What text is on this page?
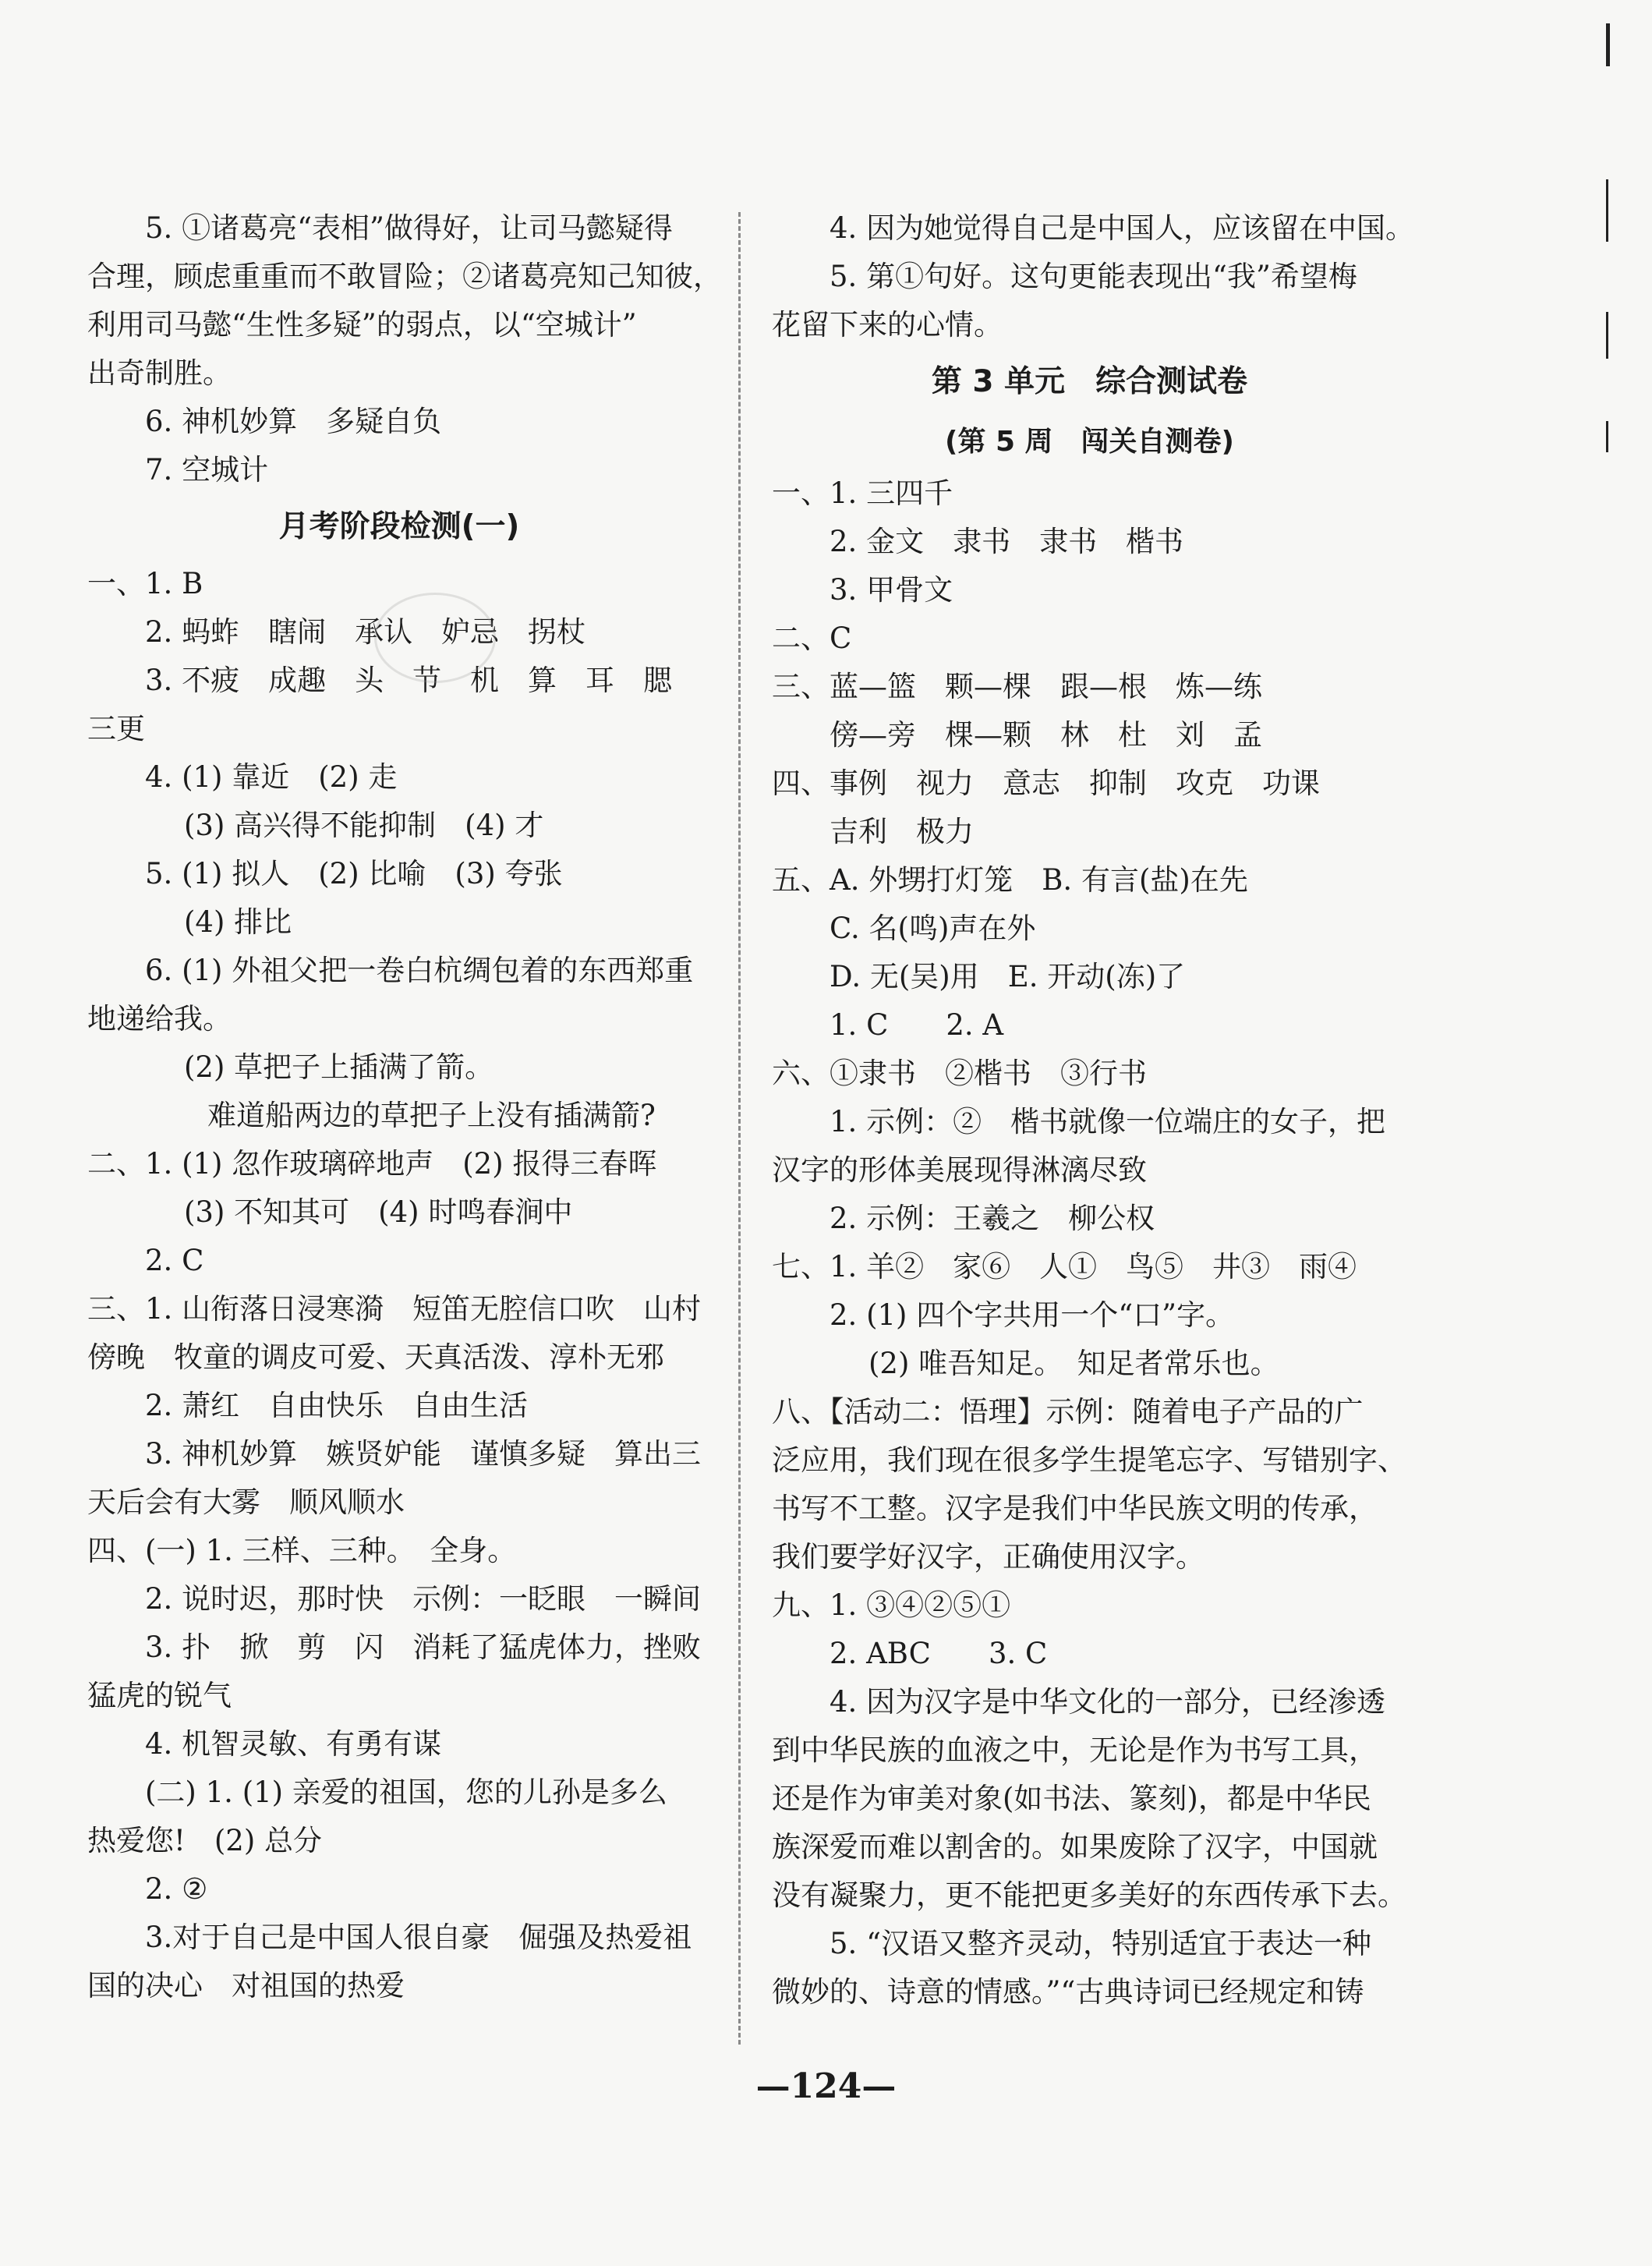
5. ①诸葛亮“表相”做得好，让司马懿疑得
合理，顾虑重重而不敢冒险；②诸葛亮知己知彼，
利用司马懿“生性多疑”的弱点，以“空城计”
出奇制胜。
6. 神机妙算　多疑自负
7. 空城计
月考阶段检测(一)
一、1. B
2. 蚂蚱　瞎闹　承认　妒忌　拐杖
3. 不疲　成趣　头　节　机　算　耳　腮
三更
4. (1) 靠近　(2) 走
(3) 高兴得不能抑制　(4) 才
5. (1) 拟人　(2) 比喻　(3) 夸张
(4) 排比
6. (1) 外祖父把一卷白杭绸包着的东西郑重
地递给我。
(2) 草把子上插满了箭。
难道船两边的草把子上没有插满箭?
二、1. (1) 忽作玻璃碎地声　(2) 报得三春晖
(3) 不知其可　(4) 时鸣春涧中
2. C
三、1. 山衔落日浸寒漪　短笛无腔信口吹　山村
傍晚　牧童的调皮可爱、天真活泼、淳朴无邪
2. 萧红　自由快乐　自由生活
3. 神机妙算　嫉贤妒能　谨慎多疑　算出三
天后会有大雾　顺风顺水
四、(一) 1. 三样、三种。　全身。
2. 说时迟，那时快　示例：一眨眼　一瞬间
3. 扑　掀　剪　闪　消耗了猛虎体力，挫败
猛虎的锐气
4. 机智灵敏、有勇有谋
(二) 1. (1) 亲爱的祖国，您的儿孙是多么
热爱您!　(2) 总分
2. ②
3.对于自己是中国人很自豪　倔强及热爱祖
国的决心　对祖国的热爱
4. 因为她觉得自己是中国人，应该留在中国。
5. 第①句好。这句更能表现出“我”希望梅
花留下来的心情。
第 3 单元　综合测试卷
(第 5 周　闯关自测卷)
一、1. 三四千
2. 金文　隶书　隶书　楷书
3. 甲骨文
二、C
三、蓝—篮　颗—棵　跟—根　炼—练
傍—旁　棵—颗　林　杜　刘　孟
四、事例　视力　意志　抑制　攻克　功课
吉利　极力
五、A. 外甥打灯笼　B. 有言(盐)在先
C. 名(鸣)声在外
D. 无(吴)用　E. 开动(冻)了
1. C　　2. A
六、①隶书　②楷书　③行书
1. 示例：②　楷书就像一位端庄的女子，把
汉字的形体美展现得淋漓尽致
2. 示例：王羲之　柳公权
七、1. 羊②　家⑥　人①　鸟⑤　井③　雨④
2. (1) 四个字共用一个“口”字。
(2) 唯吾知足。　知足者常乐也。
八、【活动二：悟理】示例：随着电子产品的广
泛应用，我们现在很多学生提笔忘字、写错别字、
书写不工整。汉字是我们中华民族文明的传承，
我们要学好汉字，正确使用汉字。
九、1. ③④②⑤①
2. ABC　　3. C
4. 因为汉字是中华文化的一部分，已经渗透
到中华民族的血液之中，无论是作为书写工具，
还是作为审美对象(如书法、篆刻)，都是中华民
族深爱而难以割舍的。如果废除了汉字，中国就
没有凝聚力，更不能把更多美好的东西传承下去。
5. “汉语又整齐灵动，特别适宜于表达一种
微妙的、诗意的情感。”“古典诗词已经规定和铸
—124—
